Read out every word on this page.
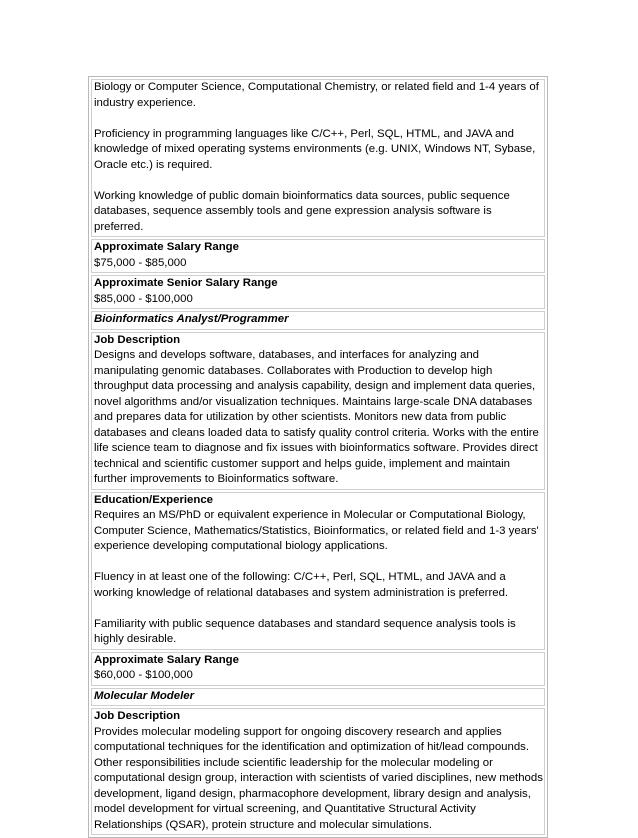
Biology or Computer Science, Computational Chemistry, or related field and 1-4 years of industry experience.
Proficiency in programming languages like C/C++, Perl, SQL, HTML, and JAVA and knowledge of mixed operating systems environments (e.g. UNIX, Windows NT, Sybase, Oracle etc.) is required.
Working knowledge of public domain bioinformatics data sources, public sequence databases, sequence assembly tools and gene expression analysis software is preferred.

Approximate Salary Range
$75,000 - $85,000

Approximate Senior Salary Range
$85,000 - $100,000

Bioinformatics Analyst/Programmer

Job Description
Designs and develops software, databases, and interfaces for analyzing and manipulating genomic databases. Collaborates with Production to develop high throughput data processing and analysis capability, design and implement data queries, novel algorithms and/or visualization techniques. Maintains large-scale DNA databases and prepares data for utilization by other scientists. Monitors new data from public databases and cleans loaded data to satisfy quality control criteria. Works with the entire life science team to diagnose and fix issues with bioinformatics software. Provides direct technical and scientific customer support and helps guide, implement and maintain further improvements to Bioinformatics software.

Education/Experience
Requires an MS/PhD or equivalent experience in Molecular or Computational Biology, Computer Science, Mathematics/Statistics, Bioinformatics, or related field and 1-3 years' experience developing computational biology applications.
Fluency in at least one of the following: C/C++, Perl, SQL, HTML, and JAVA and a working knowledge of relational databases and system administration is preferred.
Familiarity with public sequence databases and standard sequence analysis tools is highly desirable.

Approximate Salary Range
$60,000 - $100,000

Molecular Modeler

Job Description
Provides molecular modeling support for ongoing discovery research and applies computational techniques for the identification and optimization of hit/lead compounds. Other responsibilities include scientific leadership for the molecular modeling or computational design group, interaction with scientists of varied disciplines, new methods development, ligand design, pharmacophore development, library design and analysis, model development for virtual screening, and Quantitative Structural Activity Relationships (QSAR), protein structure and molecular simulations.
